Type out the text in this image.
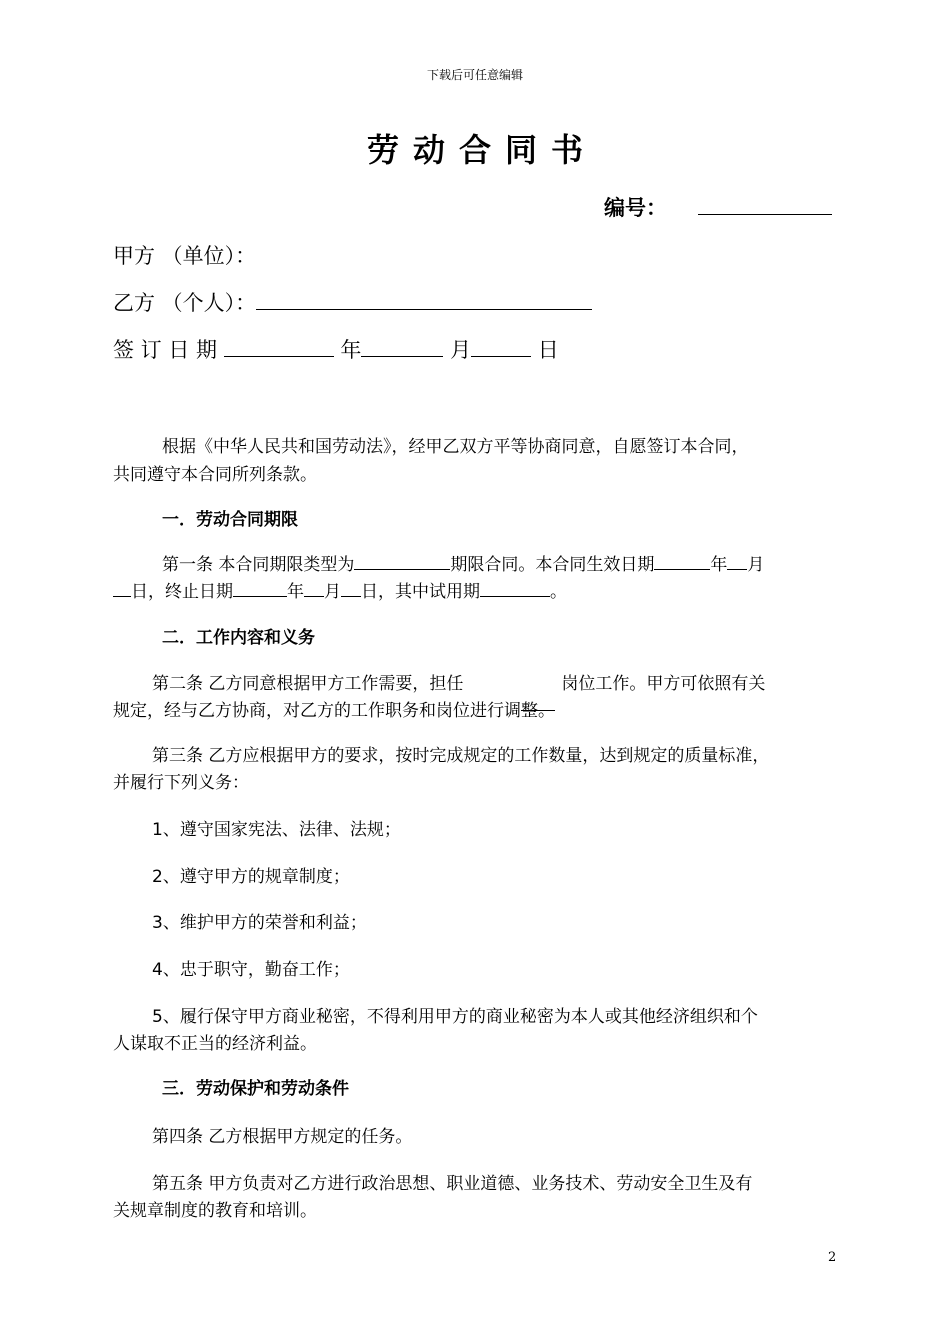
下载后可任意编辑
劳动合同书
编号：
甲方 （单位）：
乙方 （个人）：
签 订 日 期	年	月	日
根据《中华人民共和国劳动法》，经甲乙双方平等协商同意，自愿签订本合同，
共同遵守本合同所列条款。
一．劳动合同期限
第一条 本合同期限类型为	期限合同。本合同生效日期	年 月
日，终止日期	年 月 日，其中试用期	。
二．工作内容和义务
第二条 乙方同意根据甲方工作需要，担任	岗位工作。甲方可依照有关
规定，经与乙方协商，对乙方的工作职务和岗位进行调整。
第三条 乙方应根据甲方的要求，按时完成规定的工作数量，达到规定的质量标准，
并履行下列义务：
1、遵守国家宪法、法律、法规；
2、遵守甲方的规章制度；
3、维护甲方的荣誉和利益；
4、忠于职守，勤奋工作；
5、履行保守甲方商业秘密，不得利用甲方的商业秘密为本人或其他经济组织和个
人谋取不正当的经济利益。
三．劳动保护和劳动条件
第四条 乙方根据甲方规定的任务。
第五条 甲方负责对乙方进行政治思想、职业道德、业务技术、劳动安全卫生及有
关规章制度的教育和培训。
2
